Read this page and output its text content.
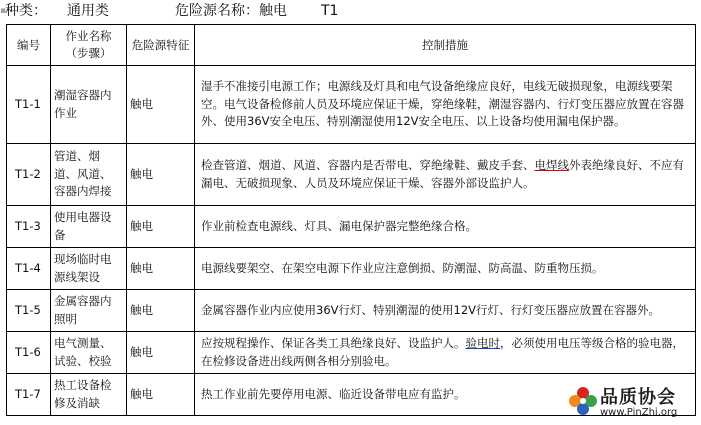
▪
种类： 通用类	危险源名称： 触电 T1
编号	作业名称（步骤）	危险源特征	控制措施
T1-1	潮湿容器内作业	触电	湿手不准接引电源工作；电源线及灯具和电气设备绝缘应良好，电线无破损现象，电源线要架空。电气设备检修前人员及环境应保证干燥，穿绝缘鞋，潮湿容器内、行灯变压器应放置在容器外、使用36V安全电压、特别潮湿使用12V安全电压、以上设备均使用漏电保护器。
T1-2	管道、烟道、风道、容器内焊接	触电	检查管道、烟道、风道、容器内是否带电、穿绝缘鞋、戴皮手套、电焊线外表绝缘良好、不应有漏电、无破损现象、人员及环境应保证干燥、容器外部设监护人。
T1-3	使用电器设备	触电	作业前检查电源线、灯具、漏电保护器完整绝缘合格。
T1-4	现场临时电源线架设	触电	电源线要架空、在架空电源下作业应注意倒损、防潮湿、防高温、防重物压损。
T1-5	金属容器内照明	触电	金属容器作业内应使用36V行灯、特别潮湿的使用12V行灯、行灯变压器应放置在容器外。
T1-6	电气测量、试验、校验	触电	应按规程操作、保证各类工具绝缘良好、设监护人。验电时，必须使用电压等级合格的验电器，在检修设备进出线两侧各相分别验电。
T1-7	热工设备检修及消缺	触电	热工作业前先要停用电源、临近设备带电应有监护。	品质协会
www.PinZhi.org
